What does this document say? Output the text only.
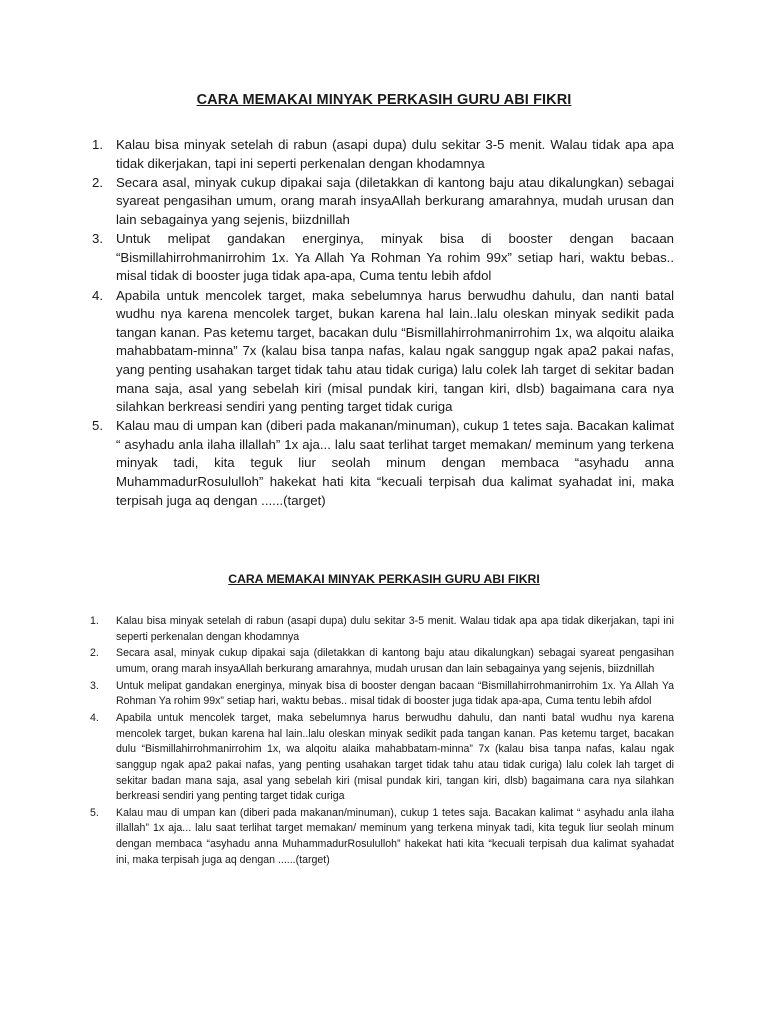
CARA MEMAKAI MINYAK PERKASIH GURU ABI FIKRI
1. Kalau bisa minyak setelah di rabun (asapi dupa) dulu sekitar 3-5 menit. Walau tidak apa apa tidak dikerjakan, tapi ini seperti perkenalan dengan khodamnya
2. Secara asal, minyak cukup dipakai saja (diletakkan di kantong baju atau dikalungkan) sebagai syareat pengasihan umum, orang marah insyaAllah berkurang amarahnya, mudah urusan dan lain sebagainya yang sejenis, biizdnillah
3. Untuk melipat gandakan energinya, minyak bisa di booster dengan bacaan “Bismillahirrohmanirrohim 1x. Ya Allah Ya Rohman Ya rohim 99x” setiap hari, waktu bebas.. misal tidak di booster juga tidak apa-apa, Cuma tentu lebih afdol
4. Apabila untuk mencolek target, maka sebelumnya harus berwudhu dahulu, dan nanti batal wudhu nya karena mencolek target, bukan karena hal lain..lalu oleskan minyak sedikit pada tangan kanan. Pas ketemu target, bacakan dulu “Bismillahirrohmanirrohim 1x, wa alqoitu alaika mahabbatam-minna” 7x (kalau bisa tanpa nafas, kalau ngak sanggup ngak apa2 pakai nafas, yang penting usahakan target tidak tahu atau tidak curiga) lalu colek lah target di sekitar badan mana saja, asal yang sebelah kiri (misal pundak kiri, tangan kiri, dlsb) bagaimana cara nya silahkan berkreasi sendiri yang penting target tidak curiga
5. Kalau mau di umpan kan (diberi pada makanan/minuman), cukup 1 tetes saja. Bacakan kalimat “ asyhadu anla ilaha illallah” 1x aja... lalu saat terlihat target memakan/ meminum yang terkena minyak tadi, kita teguk liur seolah minum dengan membaca “asyhadu anna MuhammadurRosululloh” hakekat hati kita “kecuali terpisah dua kalimat syahadat ini, maka terpisah juga aq dengan ......(target)
CARA MEMAKAI MINYAK PERKASIH GURU ABI FIKRI
1. Kalau bisa minyak setelah di rabun (asapi dupa) dulu sekitar 3-5 menit. Walau tidak apa apa tidak dikerjakan, tapi ini seperti perkenalan dengan khodamnya
2. Secara asal, minyak cukup dipakai saja (diletakkan di kantong baju atau dikalungkan) sebagai syareat pengasihan umum, orang marah insyaAllah berkurang amarahnya, mudah urusan dan lain sebagainya yang sejenis, biizdnillah
3. Untuk melipat gandakan energinya, minyak bisa di booster dengan bacaan “Bismillahirrohmanirrohim 1x. Ya Allah Ya Rohman Ya rohim 99x” setiap hari, waktu bebas.. misal tidak di booster juga tidak apa-apa, Cuma tentu lebih afdol
4. Apabila untuk mencolek target, maka sebelumnya harus berwudhu dahulu, dan nanti batal wudhu nya karena mencolek target, bukan karena hal lain..lalu oleskan minyak sedikit pada tangan kanan. Pas ketemu target, bacakan dulu “Bismillahirrohmanirrohim 1x, wa alqoitu alaika mahabbatam-minna” 7x (kalau bisa tanpa nafas, kalau ngak sanggup ngak apa2 pakai nafas, yang penting usahakan target tidak tahu atau tidak curiga) lalu colek lah target di sekitar badan mana saja, asal yang sebelah kiri (misal pundak kiri, tangan kiri, dlsb) bagaimana cara nya silahkan berkreasi sendiri yang penting target tidak curiga
5. Kalau mau di umpan kan (diberi pada makanan/minuman), cukup 1 tetes saja. Bacakan kalimat “ asyhadu anla ilaha illallah” 1x aja... lalu saat terlihat target memakan/ meminum yang terkena minyak tadi, kita teguk liur seolah minum dengan membaca “asyhadu anna MuhammadurRosululloh” hakekat hati kita “kecuali terpisah dua kalimat syahadat ini, maka terpisah juga aq dengan ......(target)
